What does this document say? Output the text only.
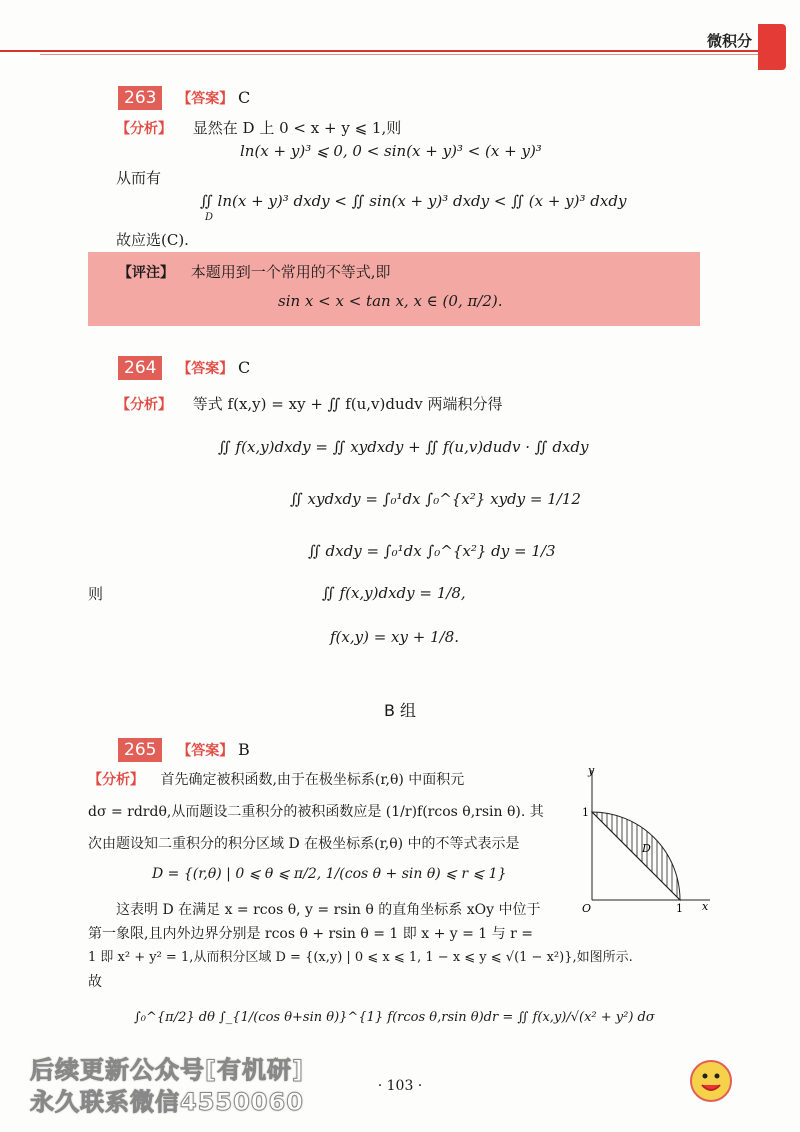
微积分
263 【答案】 C
【分析】 显然在 D 上 0 < x + y ⩽ 1,则
ln(x + y)³ ⩽ 0, 0 < sin(x + y)³ < (x + y)³
从而有
∬ ln(x + y)³ dxdy < ∬ sin(x + y)³ dxdy < ∬ (x + y)³ dxdy
D
故应选(C).
【评注】 本题用到一个常用的不等式,即
sin x < x < tan x, x ∈ (0, π/2).
264 【答案】 C
【分析】 等式 f(x,y) = xy + ∬ f(u,v)dudv 两端积分得
∬ f(x,y)dxdy = ∬ xydxdy + ∬ f(u,v)dudv · ∬ dxdy
∬ xydxdy = ∫₀¹dx ∫₀^{x²} xydy = 1/12
∬ dxdy = ∫₀¹dx ∫₀^{x²} dy = 1/3
则	∬ f(x,y)dxdy = 1/8,
f(x,y) = xy + 1/8.
B 组
265 【答案】 B
【分析】 首先确定被积函数,由于在极坐标系(r,θ) 中面积元
dσ = rdrdθ,从而题设二重积分的被积函数应是 (1/r)f(rcos θ,rsin θ). 其
次由题设知二重积分的积分区域 D 在极坐标系(r,θ) 中的不等式表示是
D = {(r,θ) | 0 ⩽ θ ⩽ π/2, 1/(cos θ + sin θ) ⩽ r ⩽ 1}
这表明 D 在满足 x = rcos θ, y = rsin θ 的直角坐标系 xOy 中位于
第一象限,且内外边界分别是 rcos θ + rsin θ = 1 即 x + y = 1 与 r =
1 即 x² + y² = 1,从而积分区域 D = {(x,y) | 0 ⩽ x ⩽ 1, 1 − x ⩽ y ⩽ √(1 − x²)},如图所示.
故
∫₀^{π/2} dθ ∫_{1/(cos θ+sin θ)}^{1} f(rcos θ,rsin θ)dr = ∬ f(x,y)/√(x² + y²) dσ
y
x
O	1
1
D
· 103 ·
后续更新公众号[有机研]
永久联系微信4550060
